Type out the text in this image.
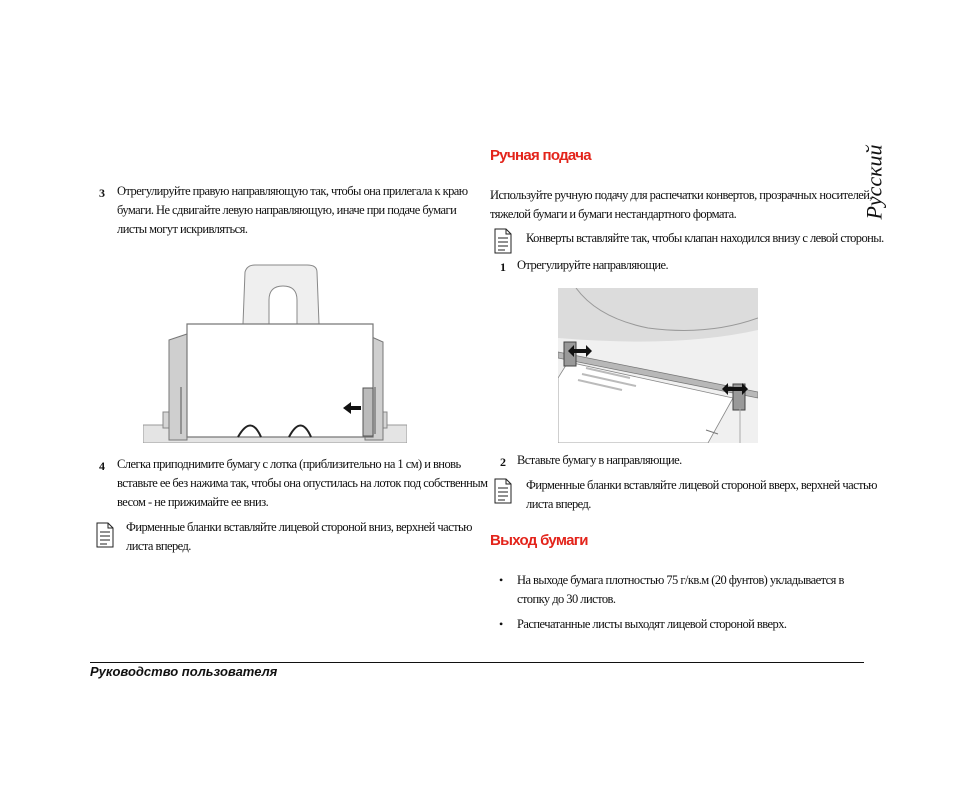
Русский
3 Отрегулируйте правую направляющую так, чтобы она прилегала к краю
бумаги. Не сдвигайте левую направляющую, иначе при подаче бумаги
листы могут искривляться.
4 Слегка приподнимите бумагу с лотка (приблизительно на 1 см) и вновь
вставьте ее без нажима так, чтобы она опустилась на лоток под собственным
весом - не прижимайте ее вниз.
Фирменные бланки вставляйте лицевой стороной вниз, верхней частью
листа вперед.
Ручная подача
Используйте ручную подачу для распечатки конвертов, прозрачных носителей,
тяжелой бумаги и бумаги нестандартного формата.
Конверты вставляйте так, чтобы клапан находился внизу с левой стороны.
1 Отрегулируйте направляющие.
2 Вставьте бумагу в направляющие.
Фирменные бланки вставляйте лицевой стороной вверх, верхней частью
листа вперед.
Выход бумаги
• На выходе бумага плотностью 75 г/кв.м (20 фунтов) укладывается в
стопку до 30 листов.
• Распечатанные листы выходят лицевой стороной вверх.
Руководство пользователя
